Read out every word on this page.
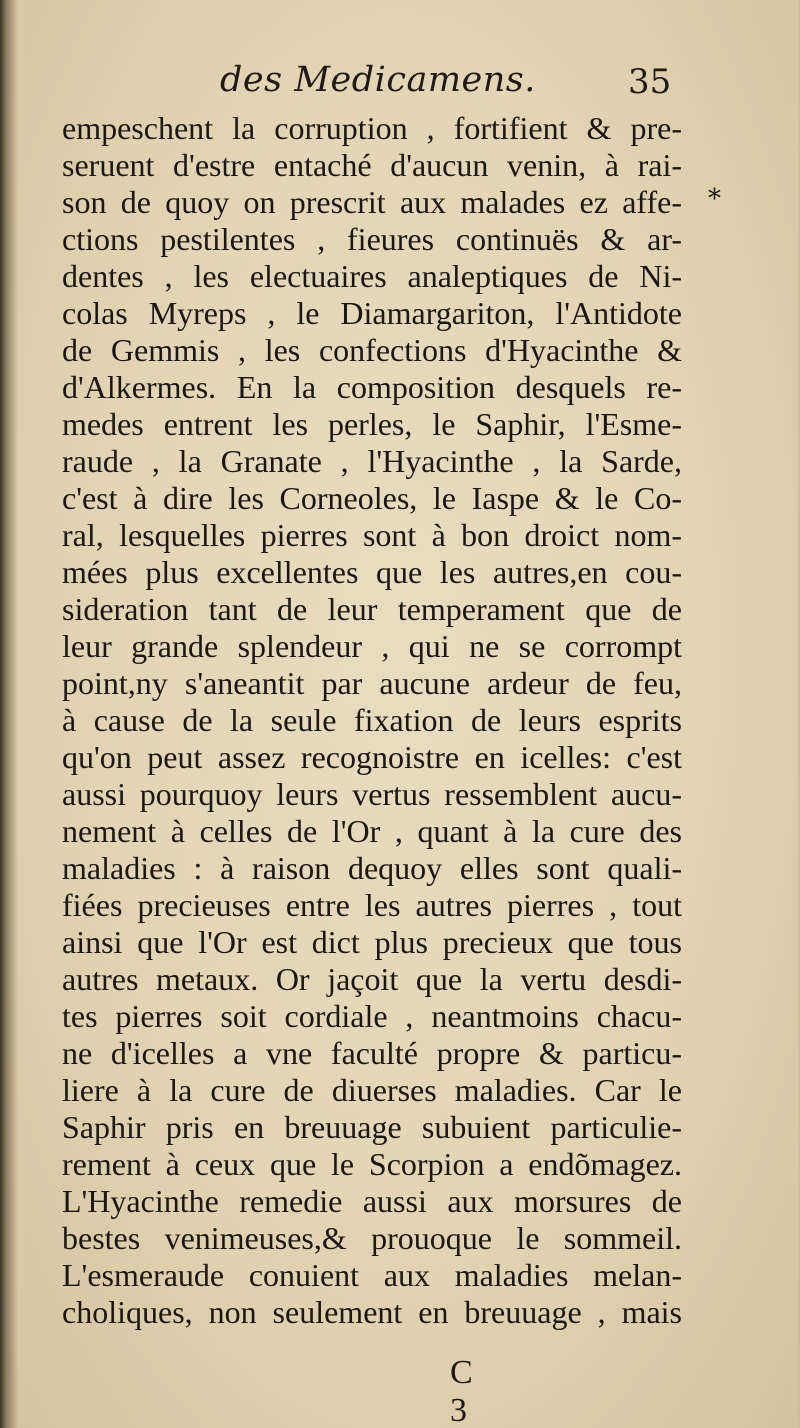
des Medicamens.	35
*
empeschent la corruption , fortifient & pre-
seruent d'estre entaché d'aucun venin, à rai-
son de quoy on prescrit aux malades ez affe-
ctions pestilentes , fieures continuës & ar-
dentes , les electuaires analeptiques de Ni-
colas Myreps , le Diamargariton, l'Antidote
de Gemmis , les confections d'Hyacinthe &
d'Alkermes. En la composition desquels re-
medes entrent les perles, le Saphir, l'Esme-
raude , la Granate , l'Hyacinthe , la Sarde,
c'est à dire les Corneoles, le Iaspe & le Co-
ral, lesquelles pierres sont à bon droict nom-
mées plus excellentes que les autres,en cou-
sideration tant de leur temperament que de
leur grande splendeur , qui ne se corrompt
point,ny s'aneantit par aucune ardeur de feu,
à cause de la seule fixation de leurs esprits
qu'on peut assez recognoistre en icelles: c'est
aussi pourquoy leurs vertus ressemblent aucu-
nement à celles de l'Or , quant à la cure des
maladies : à raison dequoy elles sont quali-
fiées precieuses entre les autres pierres , tout
ainsi que l'Or est dict plus precieux que tous
autres metaux. Or jaçoit que la vertu desdi-
tes pierres soit cordiale , neantmoins chacu-
ne d'icelles a vne faculté propre & particu-
liere à la cure de diuerses maladies. Car le
Saphir pris en breuuage subuient particulie-
rement à ceux que le Scorpion a endõmagez.
L'Hyacinthe remedie aussi aux morsures de
bestes venimeuses,& prouoque le sommeil.
L'esmeraude conuient aux maladies melan-
choliques, non seulement en breuuage , mais
C 3
